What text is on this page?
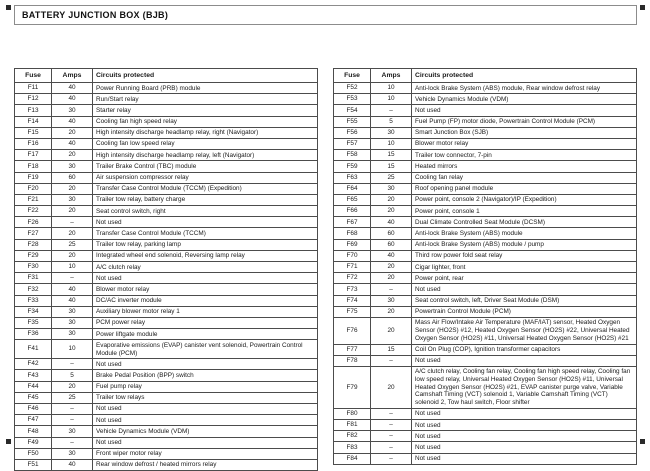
BATTERY JUNCTION BOX (BJB)
Fuse	Amps	Circuits protected
F11	40	Power Running Board (PRB) module
F12	40	Run/Start relay
F13	30	Starter relay
F14	40	Cooling fan high speed relay
F15	20	High intensity discharge headlamp relay, right (Navigator)
F16	40	Cooling fan low speed relay
F17	20	High intensity discharge headlamp relay, left (Navigator)
F18	30	Trailer Brake Control (TBC) module
F19	60	Air suspension compressor relay
F20	20	Transfer Case Control Module (TCCM) (Expedition)
F21	30	Trailer tow relay, battery charge
F22	20	Seat control switch, right
F26	–	Not used
F27	20	Transfer Case Control Module (TCCM)
F28	25	Trailer tow relay, parking lamp
F29	20	Integrated wheel end solenoid, Reversing lamp relay
F30	10	A/C clutch relay
F31	–	Not used
F32	40	Blower motor relay
F33	40	DC/AC inverter module
F34	30	Auxiliary blower motor relay 1
F35	30	PCM power relay
F36	30	Power liftgate module
F41	10	Evaporative emissions (EVAP) canister vent solenoid, Powertrain Control Module (PCM)
F42	–	Not used
F43	5	Brake Pedal Position (BPP) switch
F44	20	Fuel pump relay
F45	25	Trailer tow relays
F46	–	Not used
F47	–	Not used
F48	30	Vehicle Dynamics Module (VDM)
F49	–	Not used
F50	30	Front wiper motor relay
F51	40	Rear window defrost / heated mirrors relay
Fuse	Amps	Circuits protected
F52	10	Anti-lock Brake System (ABS) module, Rear window defrost relay
F53	10	Vehicle Dynamics Module (VDM)
F54	–	Not used
F55	5	Fuel Pump (FP) motor diode, Powertrain Control Module (PCM)
F56	30	Smart Junction Box (SJB)
F57	10	Blower motor relay
F58	15	Trailer tow connector, 7-pin
F59	15	Heated mirrors
F63	25	Cooling fan relay
F64	30	Roof opening panel module
F65	20	Power point, console 2 (Navigator)/IP (Expedition)
F66	20	Power point, console 1
F67	40	Dual Climate Controlled Seat Module (DCSM)
F68	60	Anti-lock Brake System (ABS) module
F69	60	Anti-lock Brake System (ABS) module / pump
F70	40	Third row power fold seat relay
F71	20	Cigar lighter, front
F72	20	Power point, rear
F73	–	Not used
F74	30	Seat control switch, left, Driver Seat Module (DSM)
F75	20	Powertrain Control Module (PCM)
F76	20	Mass Air Flow/Intake Air Temperature (MAF/IAT) sensor, Heated Oxygen Sensor (HO2S) #12, Heated Oxygen Sensor (HO2S) #22, Universal Heated Oxygen Sensor (HO2S) #11, Universal Heated Oxygen Sensor (HO2S) #21
F77	15	Coil On Plug (COP), Ignition transformer capacitors
F78	–	Not used
F79	20	A/C clutch relay, Cooling fan relay, Cooling fan high speed relay, Cooling fan low speed relay, Universal Heated Oxygen Sensor (HO2S) #11, Universal Heated Oxygen Sensor (HO2S) #21, EVAP canister purge valve, Variable Camshaft Timing (VCT) solenoid 1, Variable Camshaft Timing (VCT) solenoid 2, Tow haul switch, Floor shifter
F80	–	Not used
F81	–	Not used
F82	–	Not used
F83	–	Not used
F84	–	Not used
